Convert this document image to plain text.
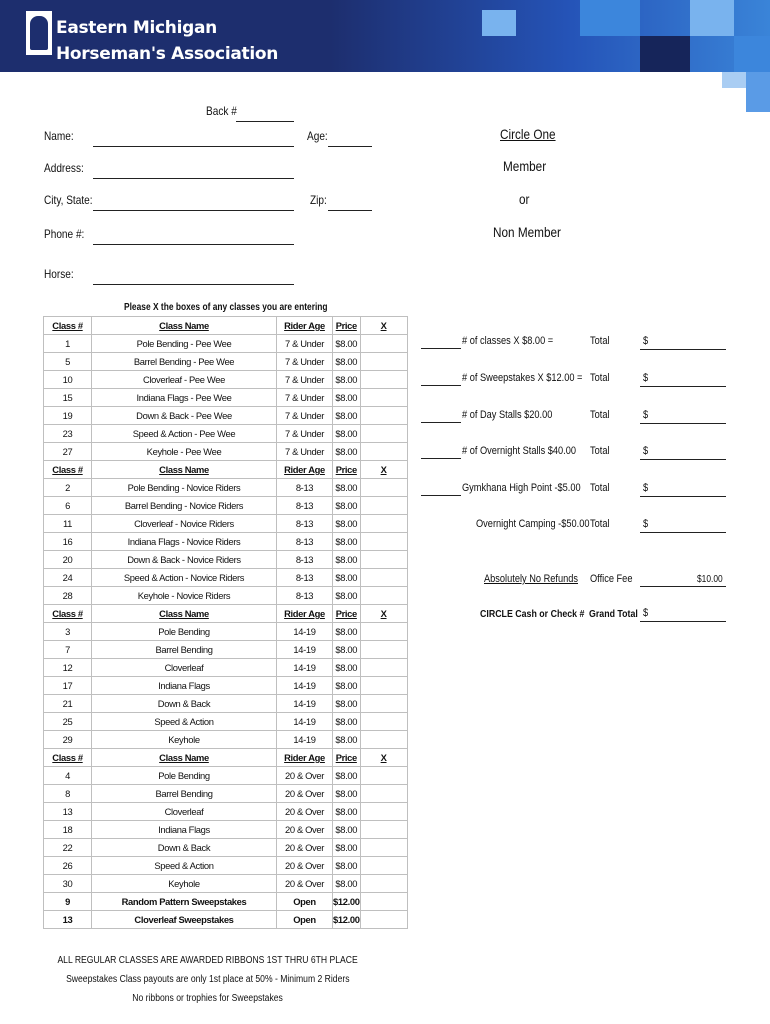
Eastern Michigan
Horseman's Association
Back #
Name:	Age:
Address:
City, State:	Zip:
Phone #:
Horse:
Circle One
Member
or
Non Member
Please X the boxes of any classes you are entering
Class #	Class Name	Rider Age	Price	X
1	Pole Bending - Pee Wee	7 & Under	$8.00	
5	Barrel Bending - Pee Wee	7 & Under	$8.00	
10	Cloverleaf - Pee Wee	7 & Under	$8.00	
15	Indiana Flags - Pee Wee	7 & Under	$8.00	
19	Down & Back - Pee Wee	7 & Under	$8.00	
23	Speed & Action - Pee Wee	7 & Under	$8.00	
27	Keyhole - Pee Wee	7 & Under	$8.00	
Class #	Class Name	Rider Age	Price	X
2	Pole Bending - Novice Riders	8-13	$8.00	
6	Barrel Bending - Novice Riders	8-13	$8.00	
11	Cloverleaf - Novice Riders	8-13	$8.00	
16	Indiana Flags - Novice Riders	8-13	$8.00	
20	Down & Back - Novice Riders	8-13	$8.00	
24	Speed & Action - Novice Riders	8-13	$8.00	
28	Keyhole - Novice Riders	8-13	$8.00	
Class #	Class Name	Rider Age	Price	X
3	Pole Bending	14-19	$8.00	
7	Barrel Bending	14-19	$8.00	
12	Cloverleaf	14-19	$8.00	
17	Indiana Flags	14-19	$8.00	
21	Down & Back	14-19	$8.00	
25	Speed & Action	14-19	$8.00	
29	Keyhole	14-19	$8.00	
Class #	Class Name	Rider Age	Price	X
4	Pole Bending	20 & Over	$8.00	
8	Barrel Bending	20 & Over	$8.00	
13	Cloverleaf	20 & Over	$8.00	
18	Indiana Flags	20 & Over	$8.00	
22	Down & Back	20 & Over	$8.00	
26	Speed & Action	20 & Over	$8.00	
30	Keyhole	20 & Over	$8.00	
9	Random Pattern Sweepstakes	Open	$12.00	
13	Cloverleaf Sweepstakes	Open	$12.00	
# of classes X $8.00 =	Total	$
# of Sweepstakes X $12.00 = Total	$
# of Day Stalls $20.00	Total	$
# of Overnight Stalls $40.00 Total	$
Gymkhana High Point -$5.00 Total	$
Overnight Camping -$50.00 Total	$
Absolutely No Refunds Office Fee	$10.00
CIRCLE Cash or Check # Grand Total $
ALL REGULAR CLASSES ARE AWARDED RIBBONS 1ST THRU 6TH PLACE
Sweepstakes Class payouts are only 1st place at 50% - Minimum 2 Riders
No ribbons or trophies for Sweepstakes
